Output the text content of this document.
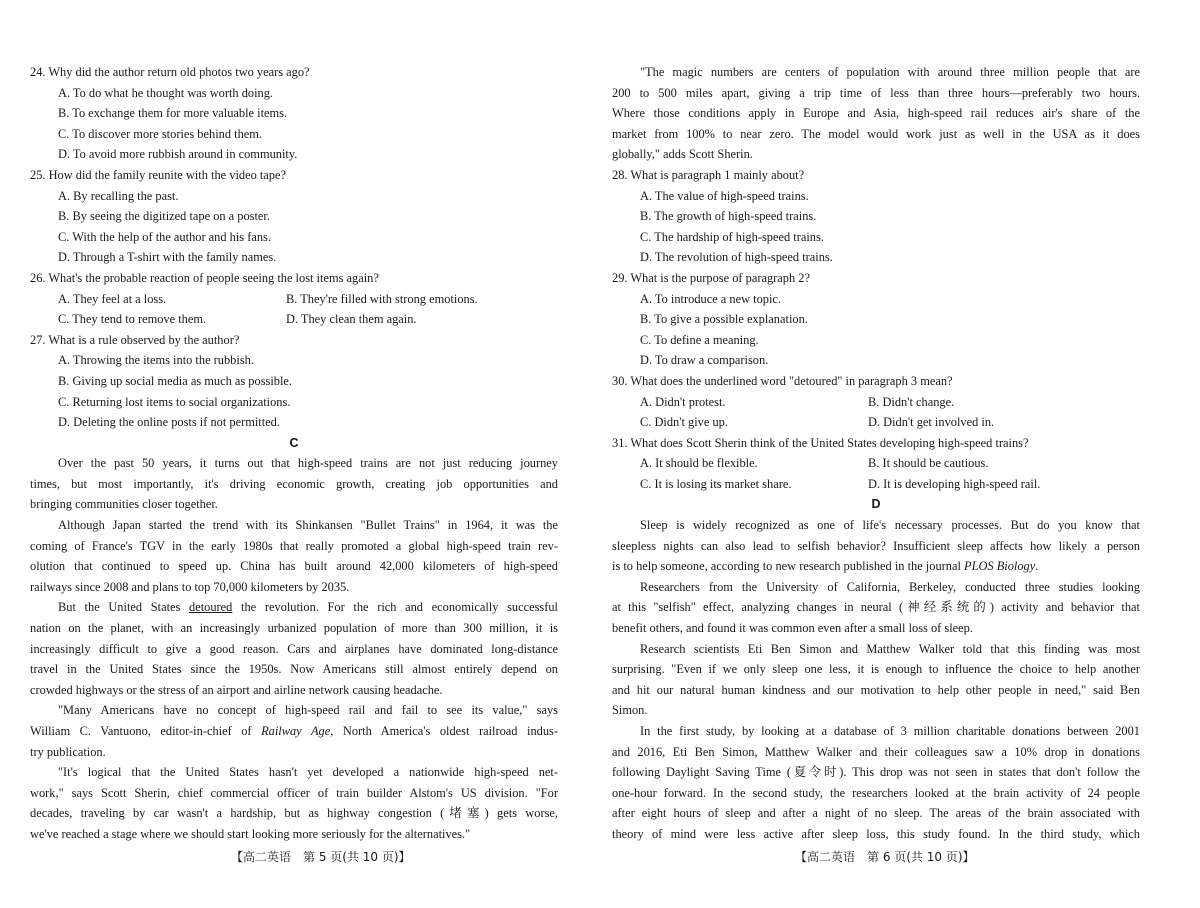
24. Why did the author return old photos two years ago?
A. To do what he thought was worth doing.
B. To exchange them for more valuable items.
C. To discover more stories behind them.
D. To avoid more rubbish around in community.
25. How did the family reunite with the video tape?
A. By recalling the past.
B. By seeing the digitized tape on a poster.
C. With the help of the author and his fans.
D. Through a T-shirt with the family names.
26. What's the probable reaction of people seeing the lost items again?
A. They feel at a loss.	B. They're filled with strong emotions.
C. They tend to remove them.	D. They clean them again.
27. What is a rule observed by the author?
A. Throwing the items into the rubbish.
B. Giving up social media as much as possible.
C. Returning lost items to social organizations.
D. Deleting the online posts if not permitted.
C
Over the past 50 years, it turns out that high-speed trains are not just reducing journey
times, but most importantly, it's driving economic growth, creating job opportunities and
bringing communities closer together.
Although Japan started the trend with its Shinkansen "Bullet Trains" in 1964, it was the
coming of France's TGV in the early 1980s that really promoted a global high-speed train rev-
olution that continued to speed up. China has built around 42,000 kilometers of high-speed
railways since 2008 and plans to top 70,000 kilometers by 2035.
But the United States detoured the revolution. For the rich and economically successful
nation on the planet, with an increasingly urbanized population of more than 300 million, it is
increasingly difficult to give a good reason. Cars and airplanes have dominated long-distance
travel in the United States since the 1950s. Now Americans still almost entirely depend on
crowded highways or the stress of an airport and airline network causing headache.
"Many Americans have no concept of high-speed rail and fail to see its value," says
William C. Vantuono, editor-in-chief of Railway Age, North America's oldest railroad indus-
try publication.
"It's logical that the United States hasn't yet developed a nationwide high-speed net-
work," says Scott Sherin, chief commercial officer of train builder Alstom's US division. "For
decades, traveling by car wasn't a hardship, but as highway congestion (堵塞) gets worse,
we've reached a stage where we should start looking more seriously for the alternatives."
"The magic numbers are centers of population with around three million people that are
200 to 500 miles apart, giving a trip time of less than three hours—preferably two hours.
Where those conditions apply in Europe and Asia, high-speed rail reduces air's share of the
market from 100% to near zero. The model would work just as well in the USA as it does
globally," adds Scott Sherin.
28. What is paragraph 1 mainly about?
A. The value of high-speed trains.
B. The growth of high-speed trains.
C. The hardship of high-speed trains.
D. The revolution of high-speed trains.
29. What is the purpose of paragraph 2?
A. To introduce a new topic.
B. To give a possible explanation.
C. To define a meaning.
D. To draw a comparison.
30. What does the underlined word "detoured" in paragraph 3 mean?
A. Didn't protest.	B. Didn't change.
C. Didn't give up.	D. Didn't get involved in.
31. What does Scott Sherin think of the United States developing high-speed trains?
A. It should be flexible.	B. It should be cautious.
C. It is losing its market share.	D. It is developing high-speed rail.
D
Sleep is widely recognized as one of life's necessary processes. But do you know that
sleepless nights can also lead to selfish behavior? Insufficient sleep affects how likely a person
is to help someone, according to new research published in the journal PLOS Biology.
Researchers from the University of California, Berkeley, conducted three studies looking
at this "selfish" effect, analyzing changes in neural (神经系统的) activity and behavior that
benefit others, and found it was common even after a small loss of sleep.
Research scientists Eti Ben Simon and Matthew Walker told that this finding was most
surprising. "Even if we only sleep one less, it is enough to influence the choice to help another
and hit our natural human kindness and our motivation to help other people in need," said Ben
Simon.
In the first study, by looking at a database of 3 million charitable donations between 2001
and 2016, Eti Ben Simon, Matthew Walker and their colleagues saw a 10% drop in donations
following Daylight Saving Time (夏令时). This drop was not seen in states that don't follow the
one-hour forward. In the second study, the researchers looked at the brain activity of 24 people
after eight hours of sleep and after a night of no sleep. The areas of the brain associated with
theory of mind were less active after sleep loss, this study found. In the third study, which
【高二英语　第 5 页(共 10 页)】	【高二英语　第 6 页(共 10 页)】
